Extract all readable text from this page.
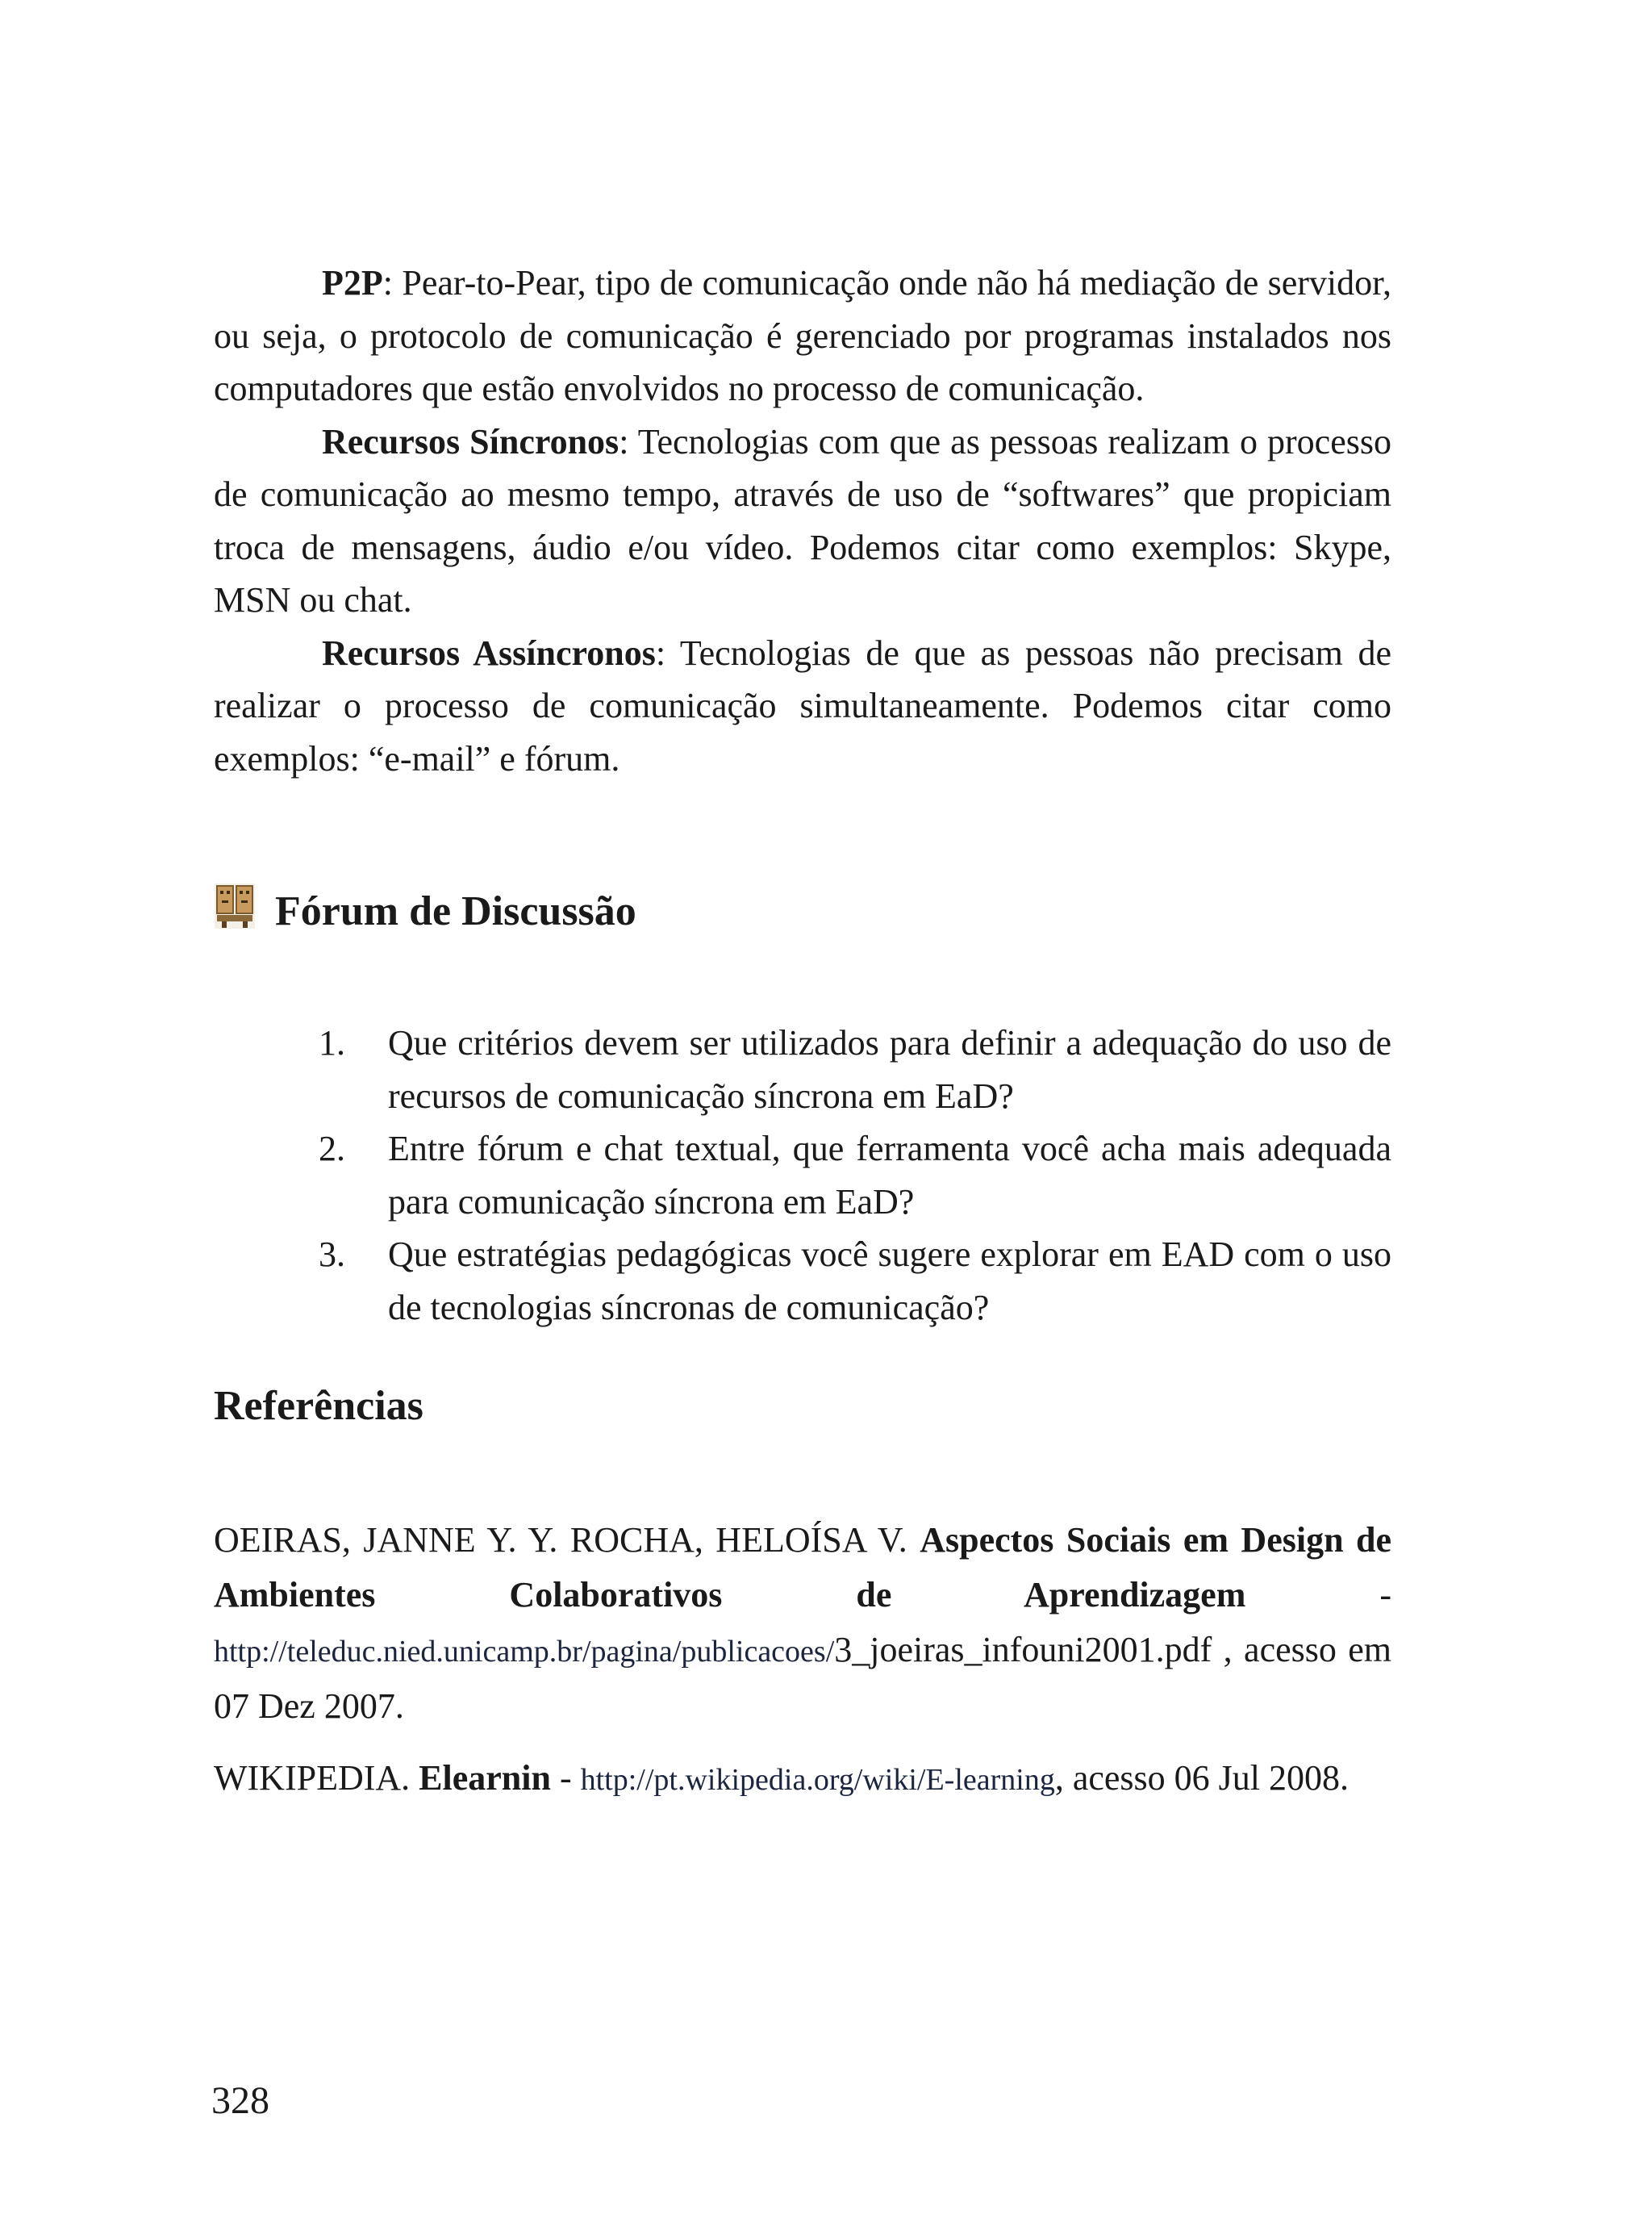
P2P: Pear-to-Pear, tipo de comunicação onde não há mediação de servidor, ou seja, o protocolo de comunicação é gerenciado por programas instalados nos computadores que estão envolvidos no processo de comunicação.

Recursos Síncronos: Tecnologias com que as pessoas realizam o processo de comunicação ao mesmo tempo, através de uso de “softwares” que propiciam troca de mensagens, áudio e/ou vídeo. Podemos citar como exemplos: Skype, MSN ou chat.

Recursos Assíncronos: Tecnologias de que as pessoas não precisam de realizar o processo de comunicação simultaneamente. Podemos citar como exemplos: “e-mail” e fórum.

Fórum de Discussão
1. Que critérios devem ser utilizados para definir a adequação do uso de recursos de comunicação síncrona em EaD?
2. Entre fórum e chat textual, que ferramenta você acha mais adequada para comunicação síncrona em EaD?
3. Que estratégias pedagógicas você sugere explorar em EAD com o uso de tecnologias síncronas de comunicação?
Referências

OEIRAS, JANNE Y. Y. ROCHA, HELOÍSA V. Aspectos Sociais em Design de Ambientes Colaborativos de Aprendizagem - http://teleduc.nied.unicamp.br/pagina/publicacoes/3_joeiras_infouni2001.pdf , acesso em 07 Dez 2007.

WIKIPEDIA. Elearnin - http://pt.wikipedia.org/wiki/E-learning, acesso 06 Jul 2008.

328
